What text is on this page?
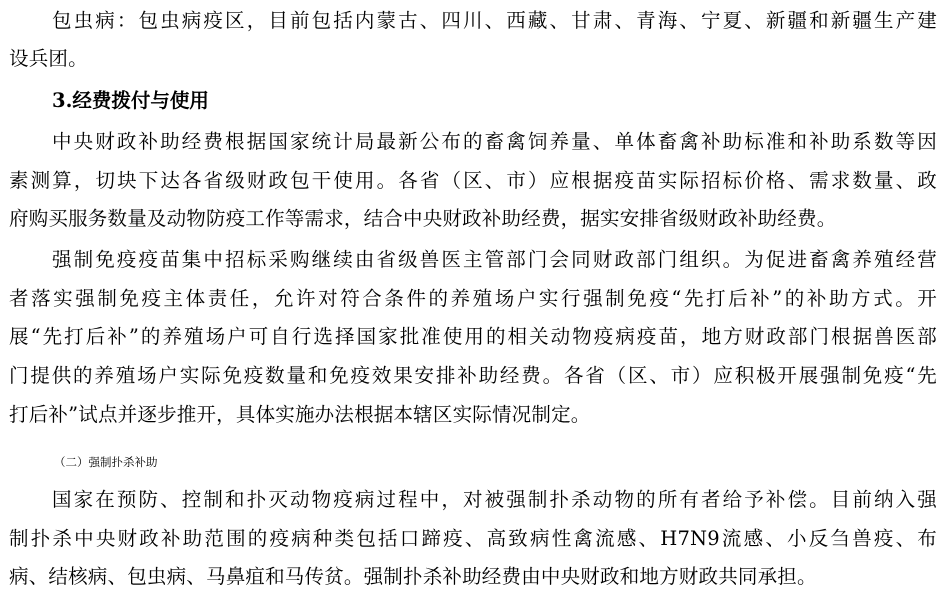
包虫病：包虫病疫区，目前包括内蒙古、四川、西藏、甘肃、青海、宁夏、新疆和新疆生产建
设兵团。
3.经费拨付与使用
中央财政补助经费根据国家统计局最新公布的畜禽饲养量、单体畜禽补助标准和补助系数等因
素测算，切块下达各省级财政包干使用。各省（区、市）应根据疫苗实际招标价格、需求数量、政
府购买服务数量及动物防疫工作等需求，结合中央财政补助经费，据实安排省级财政补助经费。
强制免疫疫苗集中招标采购继续由省级兽医主管部门会同财政部门组织。为促进畜禽养殖经营
者落实强制免疫主体责任，允许对符合条件的养殖场户实行强制免疫“先打后补”的补助方式。开
展“先打后补”的养殖场户可自行选择国家批准使用的相关动物疫病疫苗，地方财政部门根据兽医部
门提供的养殖场户实际免疫数量和免疫效果安排补助经费。各省（区、市）应积极开展强制免疫“先
打后补”试点并逐步推开，具体实施办法根据本辖区实际情况制定。
（二）强制扑杀补助
国家在预防、控制和扑灭动物疫病过程中，对被强制扑杀动物的所有者给予补偿。目前纳入强
制扑杀中央财政补助范围的疫病种类包括口蹄疫、高致病性禽流感、H7N9流感、小反刍兽疫、布
病、结核病、包虫病、马鼻疽和马传贫。强制扑杀补助经费由中央财政和地方财政共同承担。
